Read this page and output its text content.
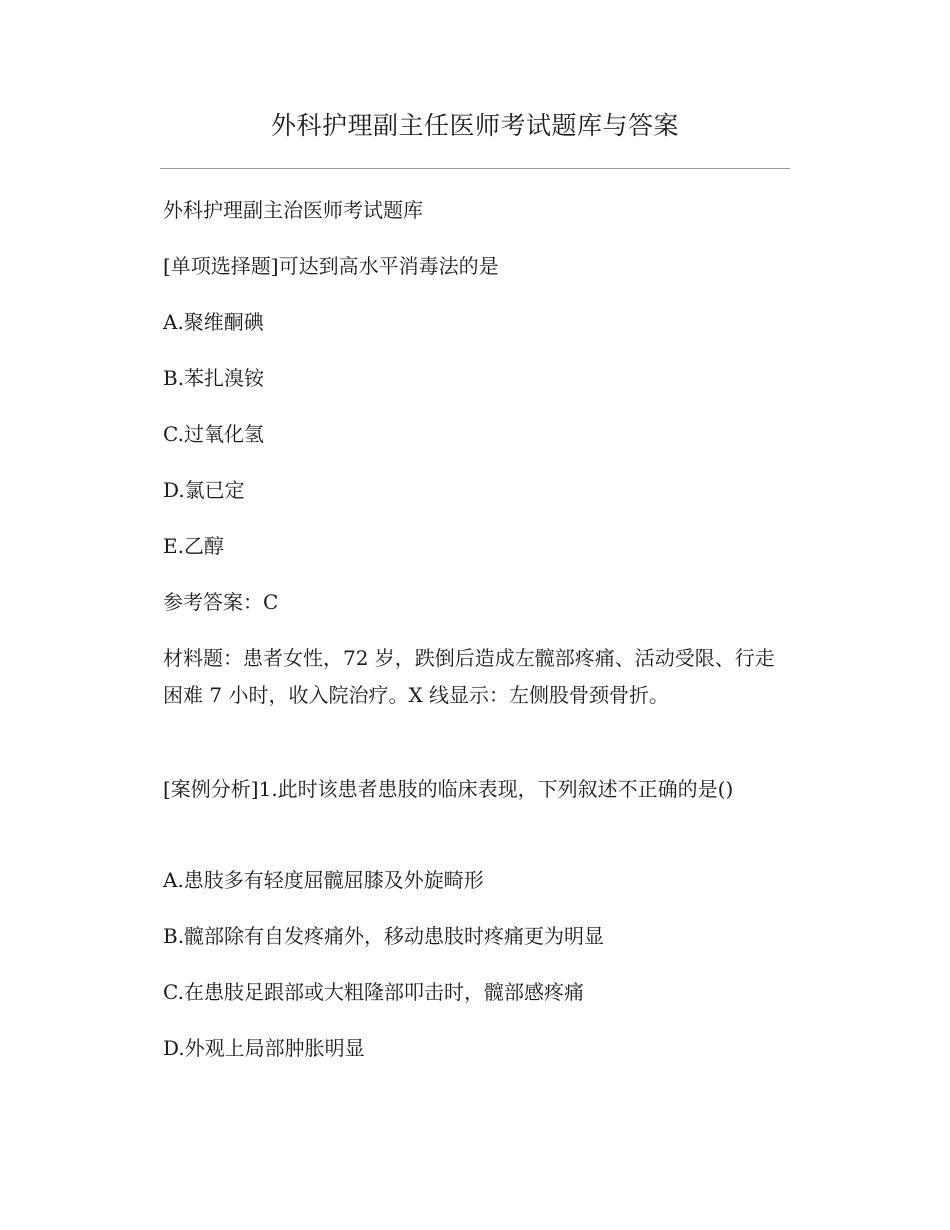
外科护理副主任医师考试题库与答案
外科护理副主治医师考试题库
[单项选择题]可达到高水平消毒法的是
A.聚维酮碘
B.苯扎溴铵
C.过氧化氢
D.氯已定
E.乙醇
参考答案：C
材料题：患者女性，72 岁，跌倒后造成左髋部疼痛、活动受限、行走困难 7 小时，收入院治疗。X 线显示：左侧股骨颈骨折。
[案例分析]1.此时该患者患肢的临床表现，下列叙述不正确的是()
A.患肢多有轻度屈髋屈膝及外旋畸形
B.髋部除有自发疼痛外，移动患肢时疼痛更为明显
C.在患肢足跟部或大粗隆部叩击时，髋部感疼痛
D.外观上局部肿胀明显
